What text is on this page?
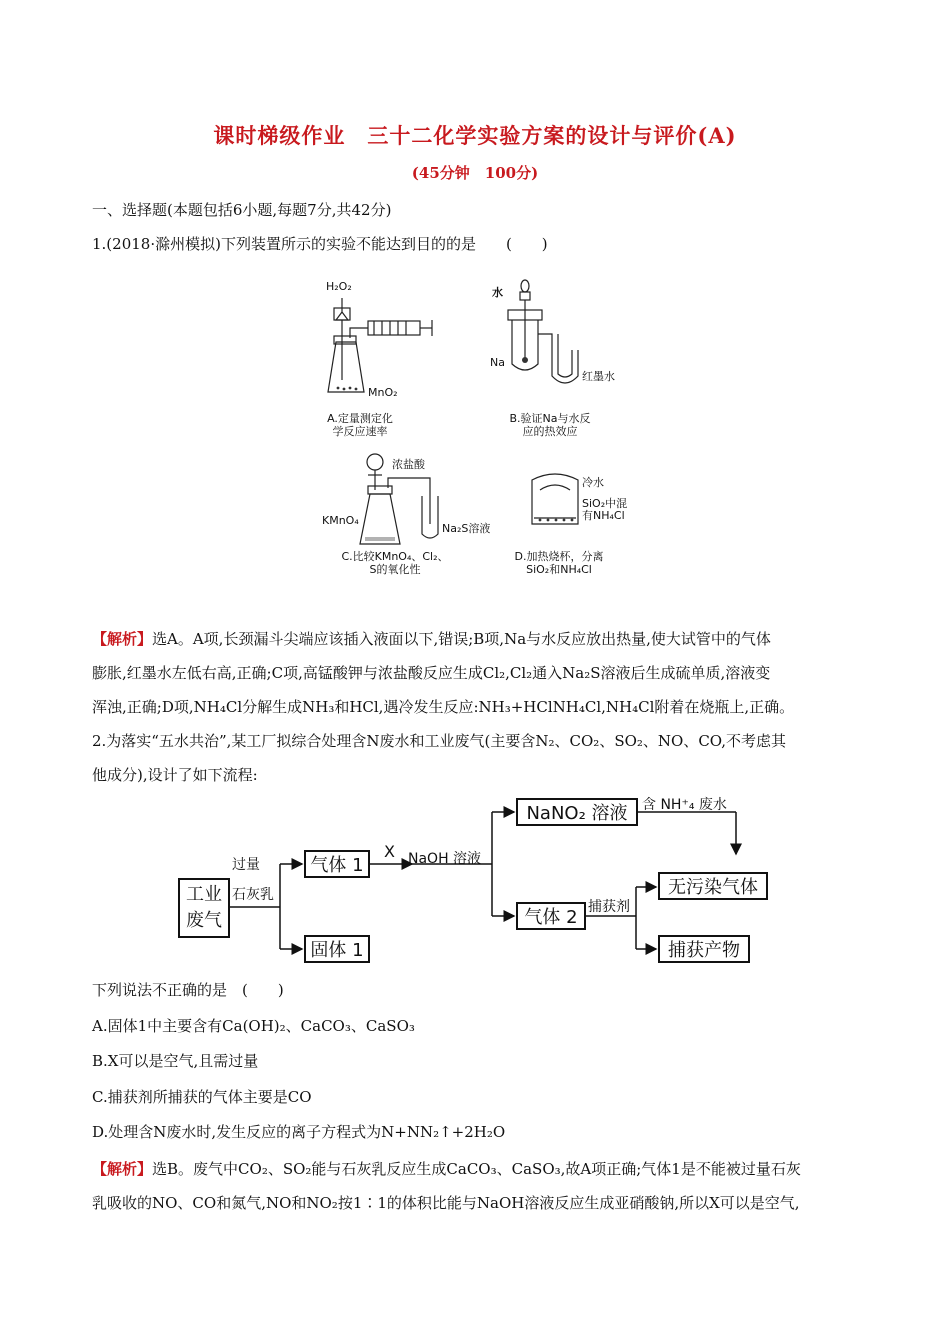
课时梯级作业　三十二化学实验方案的设计与评价(A)
(45分钟　100分)
一、选择题(本题包括6小题,每题7分,共42分)
1.(2018·滁州模拟)下列装置所示的实验不能达到目的的是　　(　　)
H₂O₂
MnO₂
A.定量测定化
学反应速率
水
Na
红墨水
B.验证Na与水反
应的热效应
浓盐酸
KMnO₄
Na₂S溶液
C.比较KMnO₄、Cl₂、
S的氧化性
冷水
SiO₂中混
有NH₄Cl
D.加热烧杯，分离
SiO₂和NH₄Cl
【解析】选A。A项,长颈漏斗尖端应该插入液面以下,错误;B项,Na与水反应放出热量,使大试管中的气体
膨胀,红墨水左低右高,正确;C项,高锰酸钾与浓盐酸反应生成Cl₂,Cl₂通入Na₂S溶液后生成硫单质,溶液变
浑浊,正确;D项,NH₄Cl分解生成NH₃和HCl,遇冷发生反应:NH₃+HClNH₄Cl,NH₄Cl附着在烧瓶上,正确。
2.为落实“五水共治”,某工厂拟综合处理含N废水和工业废气(主要含N₂、CO₂、SO₂、NO、CO,不考虑其
他成分),设计了如下流程:
工业
废气
过量
石灰乳
气体 1
固体 1
X NaOH 溶液
NaNO₂ 溶液	含 NH⁺₄ 废水
气体 2 捕获剂
无污染气体
捕获产物
下列说法不正确的是　(　　)
A.固体1中主要含有Ca(OH)₂、CaCO₃、CaSO₃
B.X可以是空气,且需过量
C.捕获剂所捕获的气体主要是CO
D.处理含N废水时,发生反应的离子方程式为N+NN₂↑+2H₂O
【解析】选B。废气中CO₂、SO₂能与石灰乳反应生成CaCO₃、CaSO₃,故A项正确;气体1是不能被过量石灰
乳吸收的NO、CO和氮气,NO和NO₂按1∶1的体积比能与NaOH溶液反应生成亚硝酸钠,所以X可以是空气,
